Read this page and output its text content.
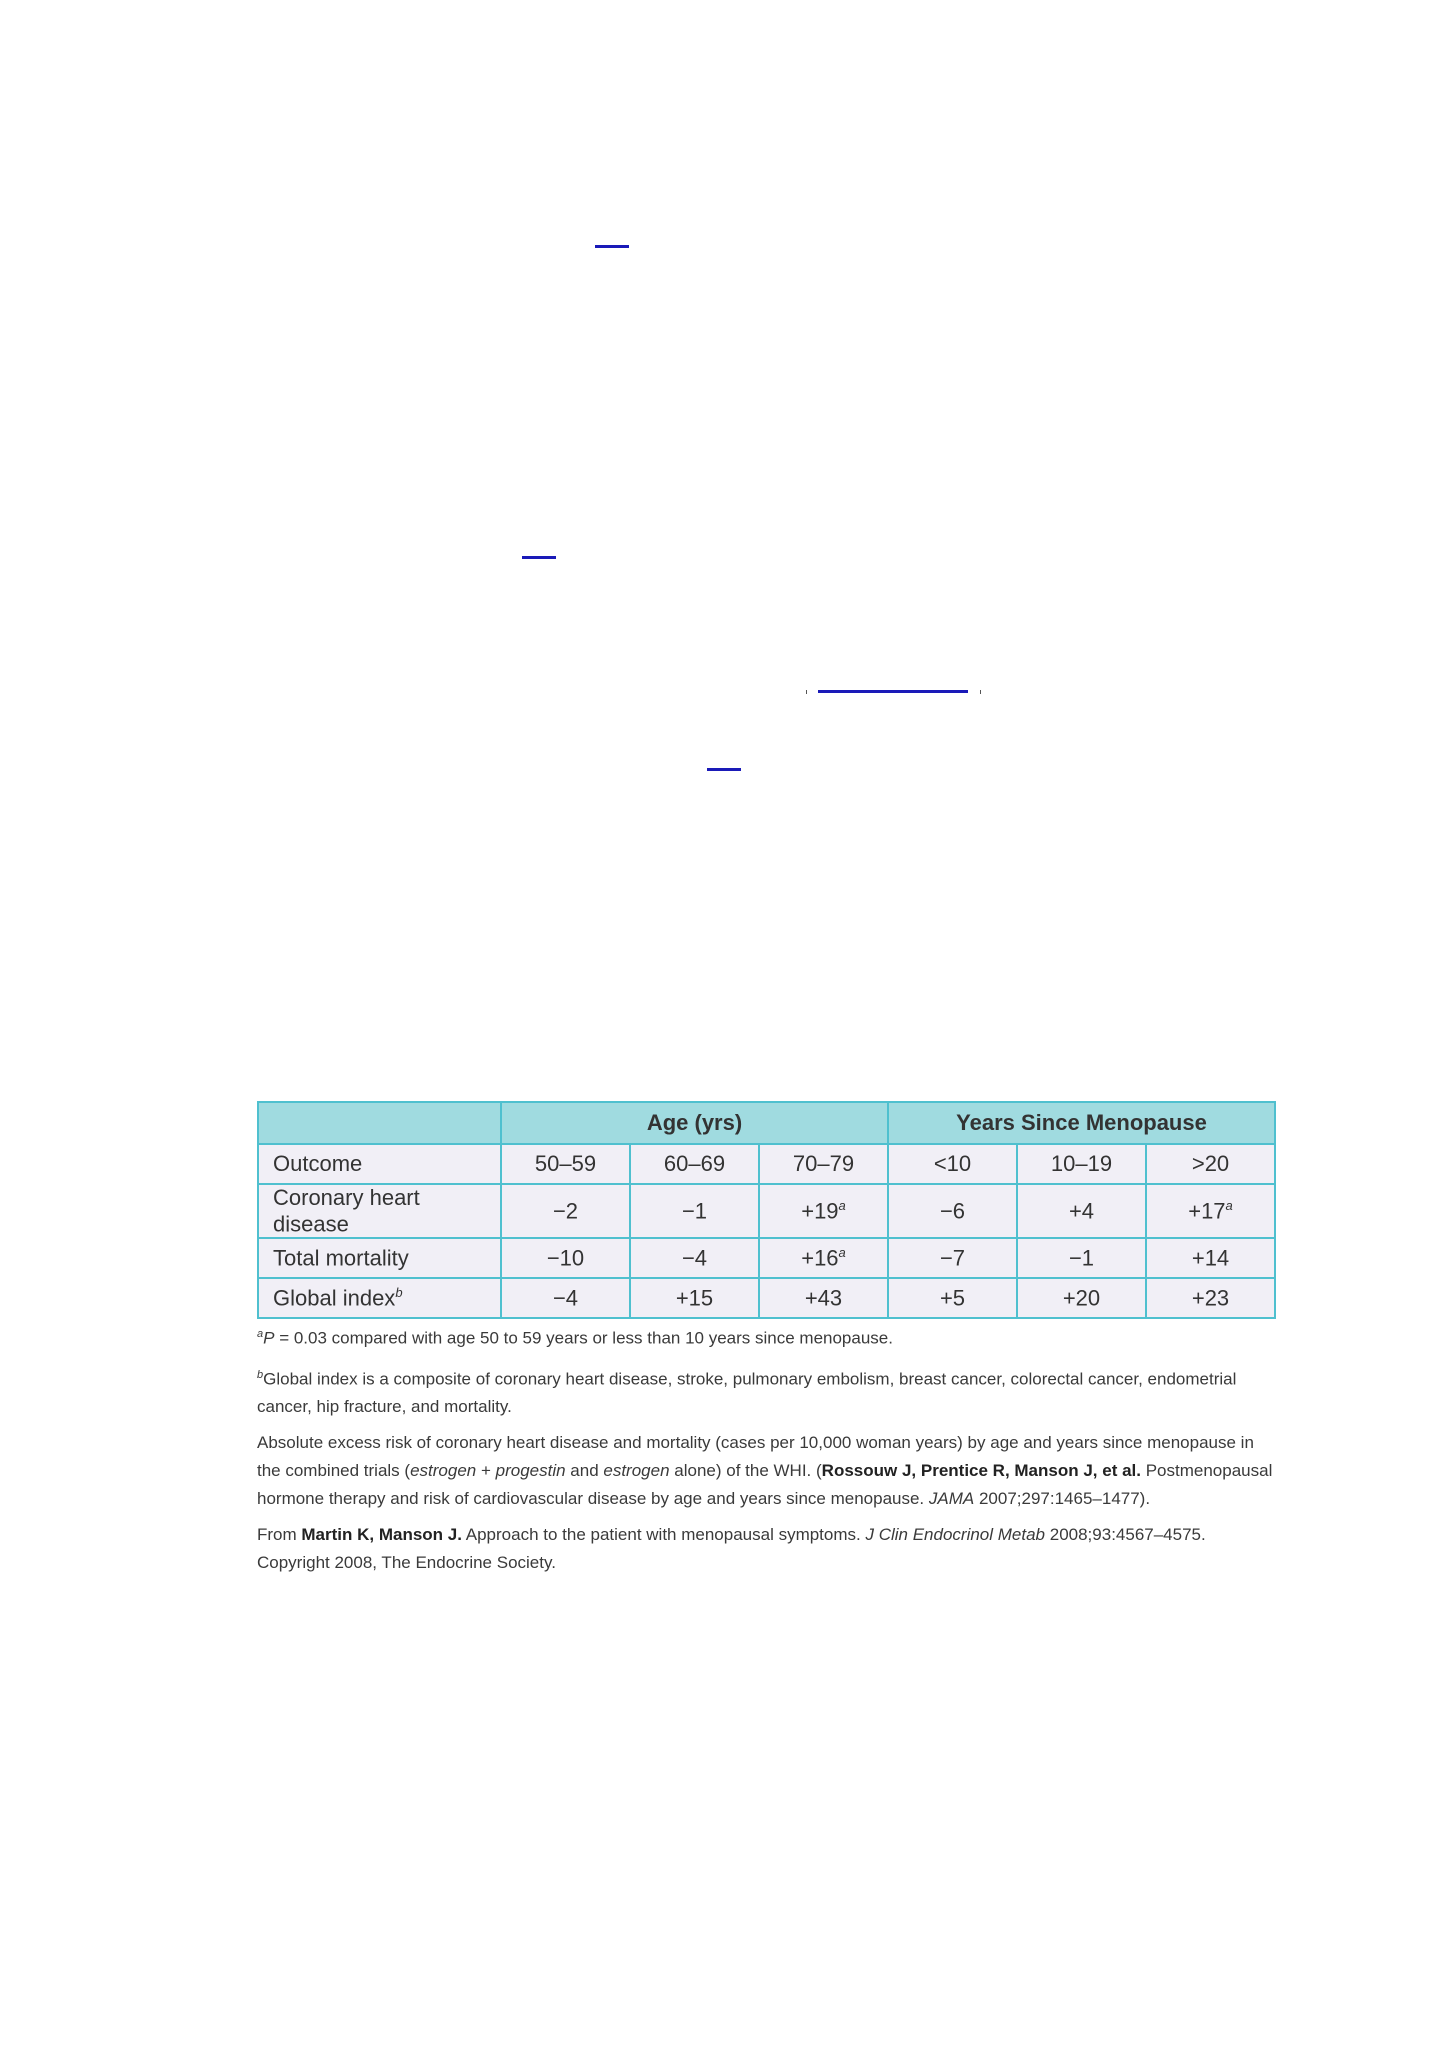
	Age (yrs)			Years Since Menopause		
Outcome	50–59	60–69	70–79	<10	10–19	>20
Coronary heart disease	−2	−1	+19$^a$	−6	+4	+17$^a$
Total mortality	−10	−4	+16$^a$	−7	−1	+14
Global index$^b$	−4	+15	+43	+5	+20	+23

$^a$P = 0.03 compared with age 50 to 59 years or less than 10 years since menopause.

$^b$Global index is a composite of coronary heart disease, stroke, pulmonary embolism, breast cancer, colorectal cancer, endometrial cancer, hip fracture, and mortality.

Absolute excess risk of coronary heart disease and mortality (cases per 10,000 woman years) by age and years since menopause in the combined trials (estrogen + progestin and estrogen alone) of the WHI. (Rossouw J, Prentice R, Manson J, et al. Postmenopausal hormone therapy and risk of cardiovascular disease by age and years since menopause. JAMA 2007;297:1465–1477).

From Martin K, Manson J. Approach to the patient with menopausal symptoms. J Clin Endocrinol Metab 2008;93:4567–4575. Copyright 2008, The Endocrine Society.
